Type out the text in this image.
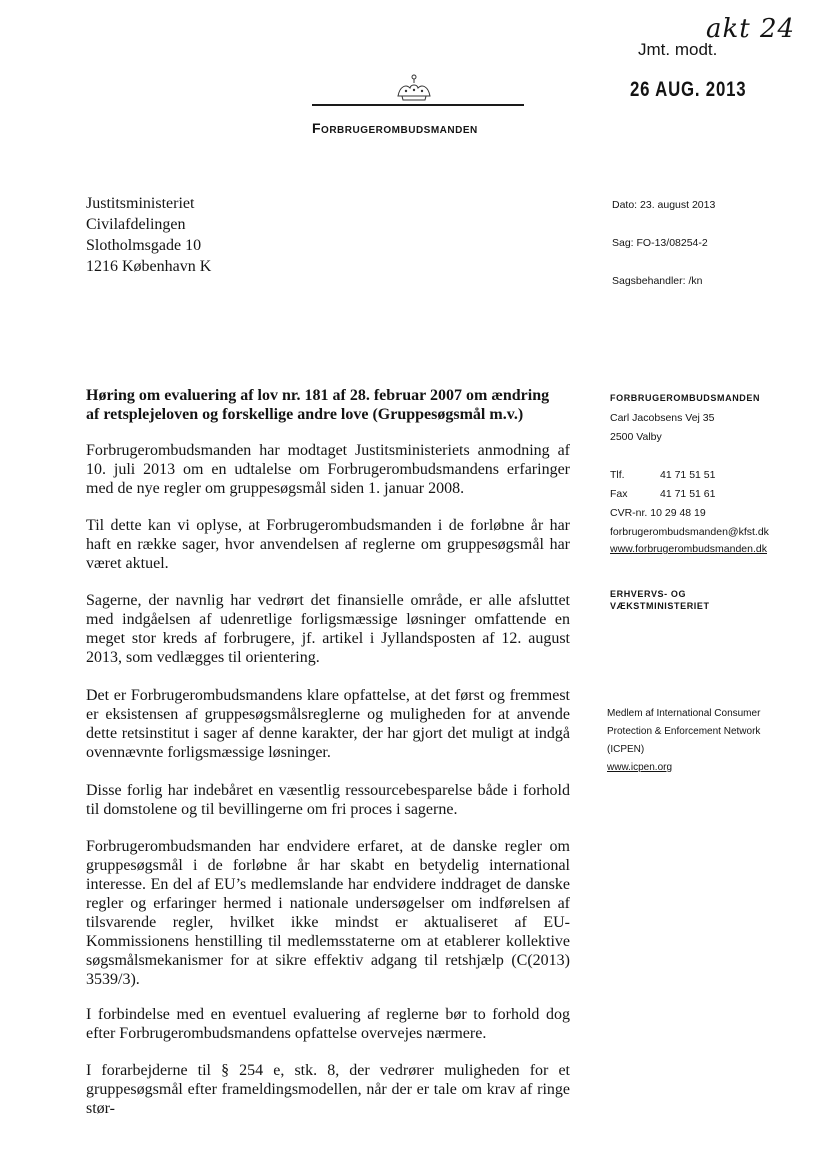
akt 24
Jmt. modt.
26 AUG. 2013
Forbrugerombudsmanden
Justitsministeriet
Civilafdelingen
Slotholmsgade 10
1216 København K
Dato: 23. august 2013
Sag: FO-13/08254-2
Sagsbehandler: /kn
Høring om evaluering af lov nr. 181 af 28. februar 2007 om ændring af retsplejeloven og forskellige andre love (Gruppesøgsmål m.v.)

Forbrugerombudsmanden har modtaget Justitsministeriets anmodning af 10. juli 2013 om en udtalelse om Forbrugerombudsmandens erfaringer med de nye regler om gruppesøgsmål siden 1. januar 2008.

Til dette kan vi oplyse, at Forbrugerombudsmanden i de forløbne år har haft en række sager, hvor anvendelsen af reglerne om gruppesøgsmål har været aktuel.

Sagerne, der navnlig har vedrørt det finansielle område, er alle afsluttet med indgåelsen af udenretlige forligsmæssige løsninger omfattende en meget stor kreds af forbrugere, jf. artikel i Jyllandsposten af 12. august 2013, som vedlægges til orientering.

Det er Forbrugerombudsmandens klare opfattelse, at det først og fremmest er eksistensen af gruppesøgsmålsreglerne og muligheden for at anvende dette retsinstitut i sager af denne karakter, der har gjort det muligt at indgå ovennævnte forligsmæssige løsninger.

Disse forlig har indebåret en væsentlig ressourcebesparelse både i forhold til domstolene og til bevillingerne om fri proces i sagerne.

Forbrugerombudsmanden har endvidere erfaret, at de danske regler om gruppesøgsmål i de forløbne år har skabt en betydelig international interesse. En del af EU’s medlemslande har endvidere inddraget de danske regler og erfaringer hermed i nationale undersøgelser om indførelsen af tilsvarende regler, hvilket ikke mindst er aktualiseret af EU-Kommissionens henstilling til medlemsstaterne om at etablerer kollektive søgsmålsmekanismer for at sikre effektiv adgang til retshjælp (C(2013) 3539/3).

I forbindelse med en eventuel evaluering af reglerne bør to forhold dog efter Forbrugerombudsmandens opfattelse overvejes nærmere.

I forarbejderne til § 254 e, stk. 8, der vedrører muligheden for et gruppesøgsmål efter frameldingsmodellen, når der er tale om krav af ringe stør-

FORBRUGEROMBUDSMANDEN
Carl Jacobsens Vej 35
2500 Valby
Tlf.	41 71 51 51
Fax	41 71 51 61
CVR-nr. 10 29 48 19
forbrugerombudsmanden@kfst.dk
www.forbrugerombudsmanden.dk
ERHVERVS- OG
VÆKSTMINISTERIET
Medlem af International Consumer
Protection & Enforcement Network
(ICPEN)
www.icpen.org
